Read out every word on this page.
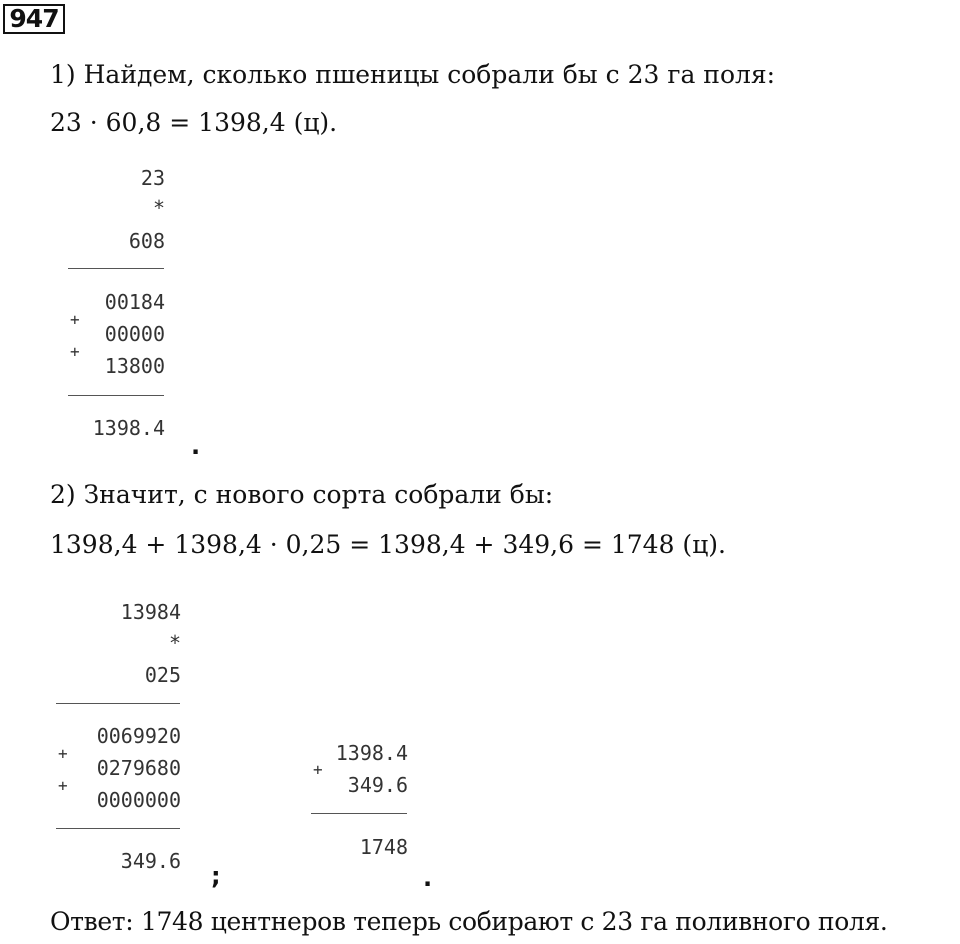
947
1) Найдем, сколько пшеницы собрали бы с 23 га поля:
23 · 60,8 = 1398,4 (ц).
23
*
608
00184
+
00000
+
13800
1398.4
.
2) Значит, с нового сорта собрали бы:
1398,4 + 1398,4 · 0,25 = 1398,4 + 349,6 = 1748 (ц).
13984
*
025
0069920
+
0279680
+
0000000
349.6
;
1398.4
+
349.6
1748
.
Ответ: 1748 центнеров теперь собирают с 23 га поливного поля.
